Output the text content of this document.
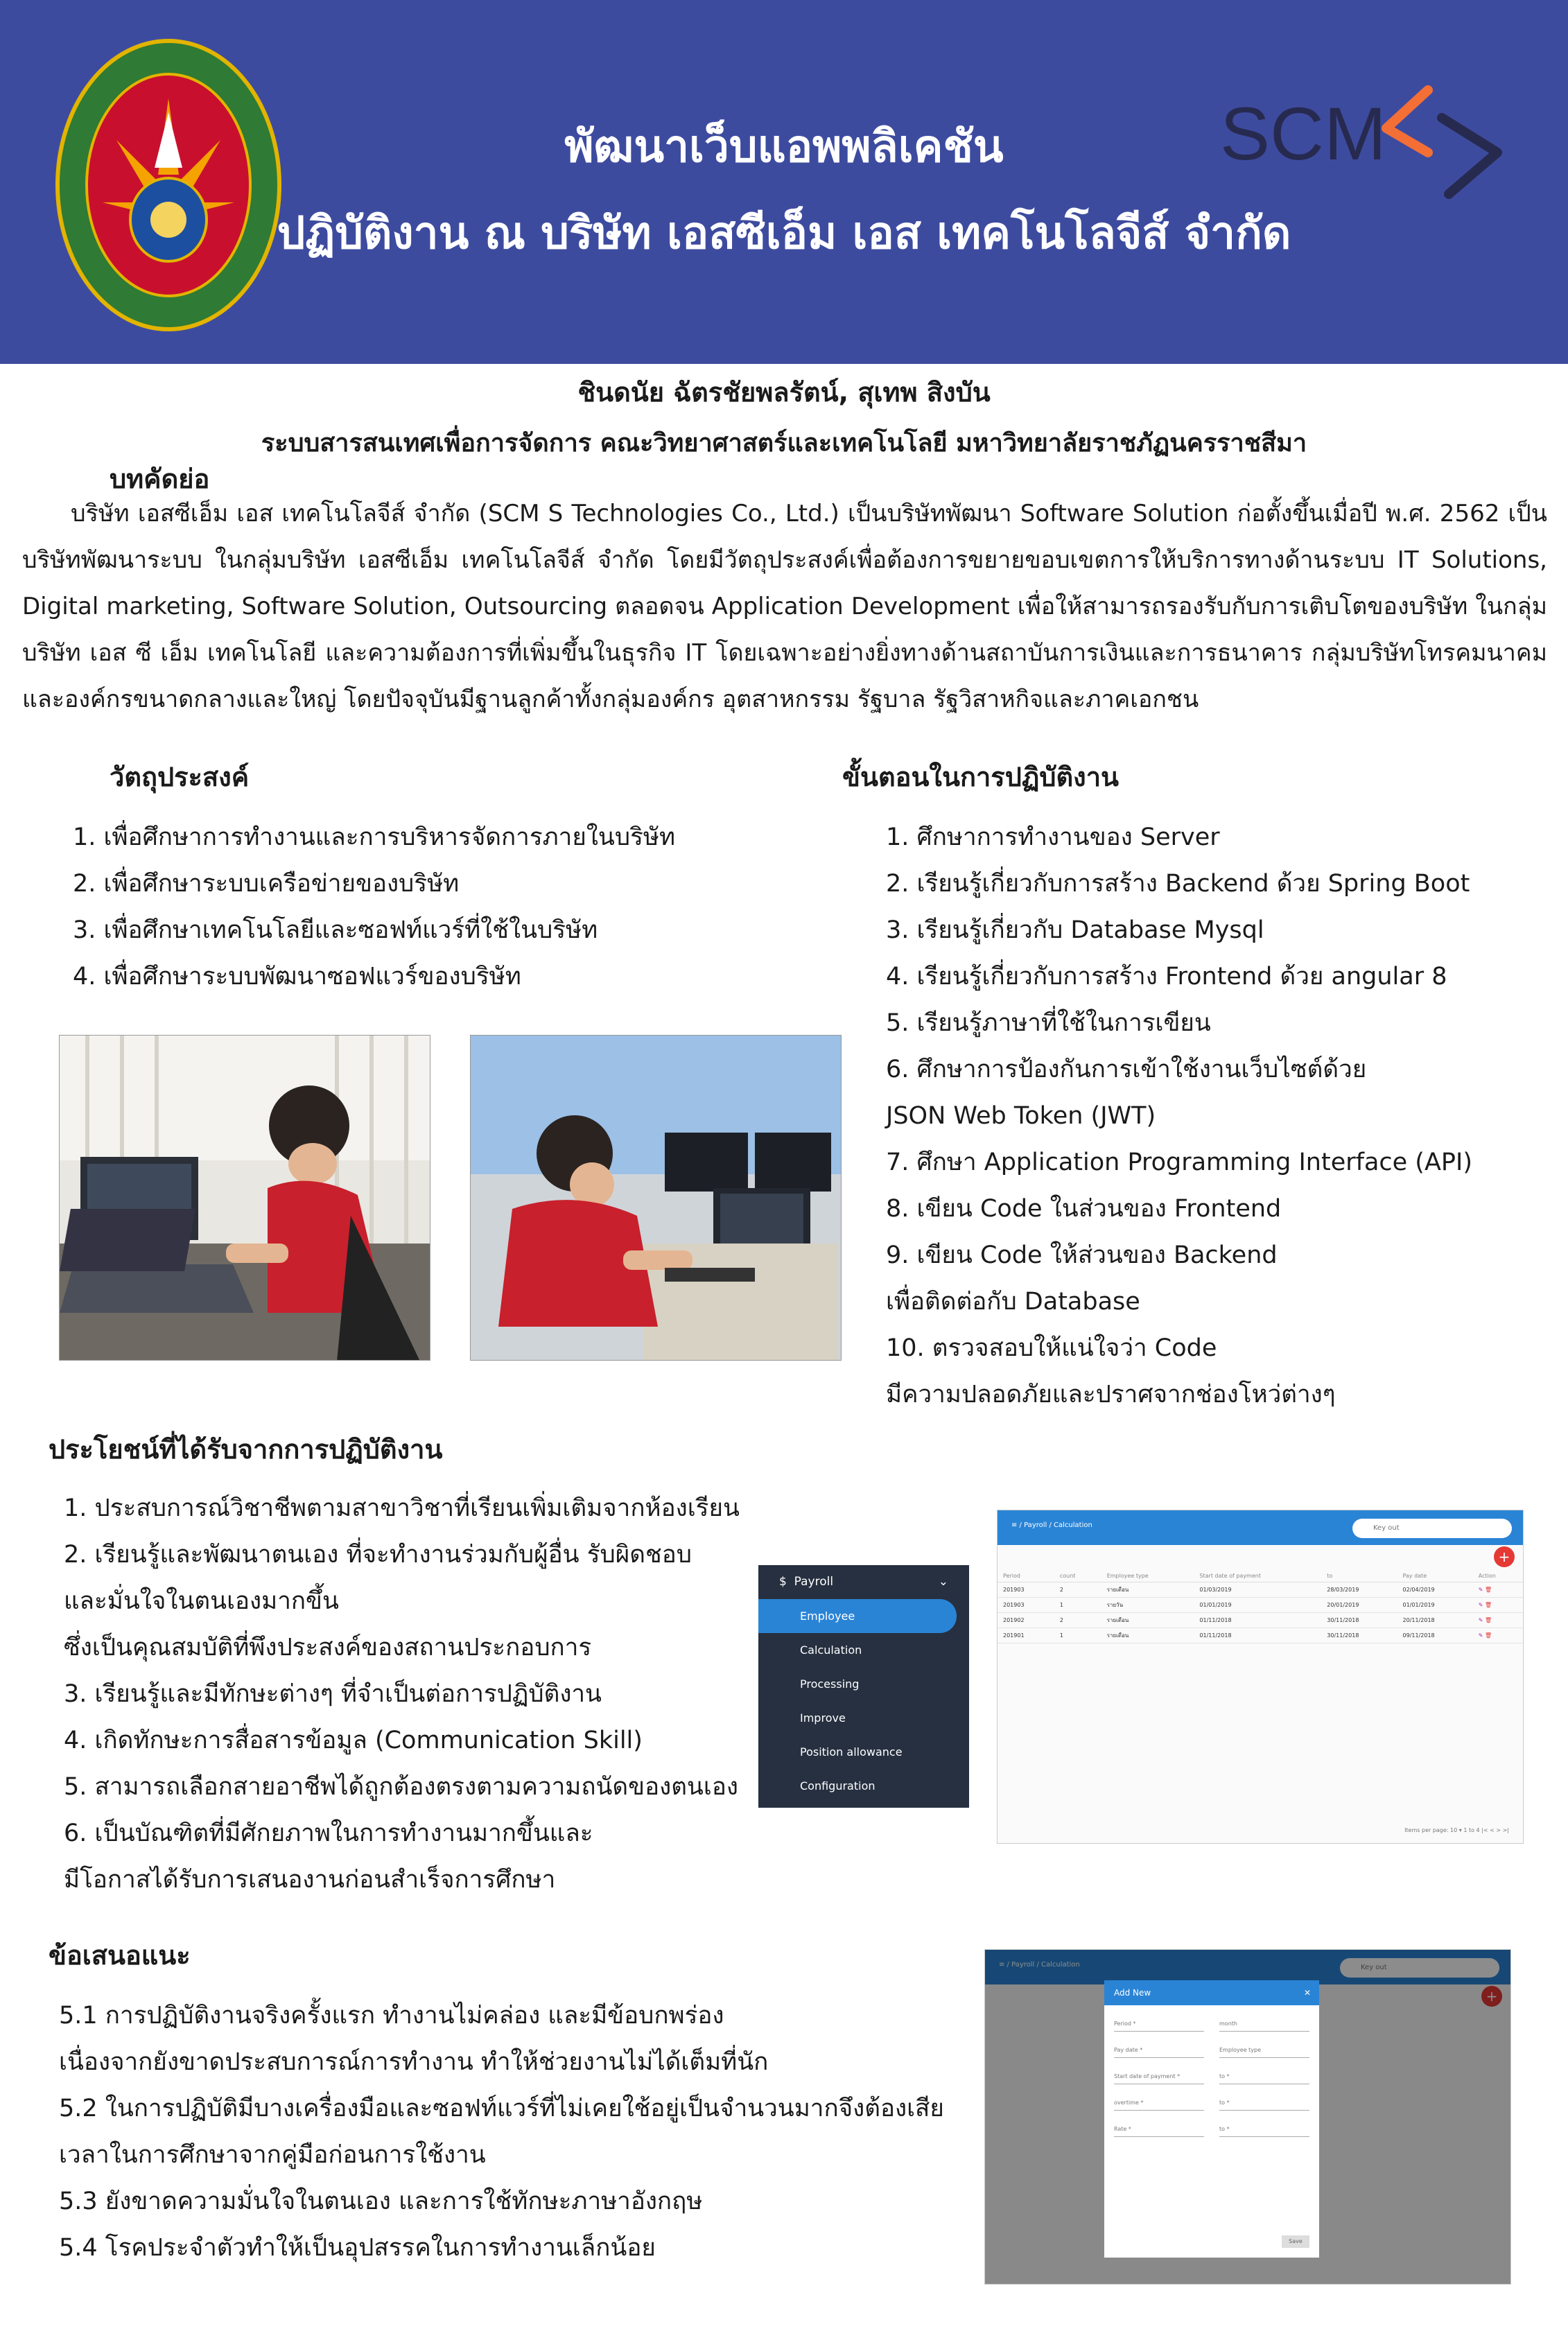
พัฒนาเว็บแอพพลิเคชัน
ปฏิบัติงาน ณ บริษัท เอสซีเอ็ม เอส เทคโนโลจีส์ จำกัด
SCM
ชินดนัย ฉัตรชัยพลรัตน์, สุเทพ สิงบัน
ระบบสารสนเทศเพื่อการจัดการ คณะวิทยาศาสตร์และเทคโนโลยี มหาวิทยาลัยราชภัฏนครราชสีมา
บทคัดย่อ
บริษัท เอสซีเอ็ม เอส เทคโนโลจีส์ จำกัด (SCM S Technologies Co., Ltd.) เป็นบริษัทพัฒนา Software Solution ก่อตั้งขึ้นเมื่อปี พ.ศ. 2562 เป็นบริษัทพัฒนาระบบ ในกลุ่มบริษัท เอสซีเอ็ม เทคโนโลจีส์ จำกัด โดยมีวัตถุประสงค์เพื่อต้องการขยายขอบเขตการให้บริการทางด้านระบบ IT Solutions, Digital marketing, Software Solution, Outsourcing ตลอดจน Application Development เพื่อให้สามารถรองรับกับการเติบโตของบริษัท ในกลุ่มบริษัท เอส ซี เอ็ม เทคโนโลยี และความต้องการที่เพิ่มขึ้นในธุรกิจ IT โดยเฉพาะอย่างยิ่งทางด้านสถาบันการเงินและการธนาคาร กลุ่มบริษัทโทรคมนาคม และองค์กรขนาดกลางและใหญ่ โดยปัจจุบันมีฐานลูกค้าทั้งกลุ่มองค์กร อุตสาหกรรม รัฐบาล รัฐวิสาหกิจและภาคเอกชน
วัตถุประสงค์
1. เพื่อศึกษาการทำงานและการบริหารจัดการภายในบริษัท
2. เพื่อศึกษาระบบเครือข่ายของบริษัท
3. เพื่อศึกษาเทคโนโลยีและซอฟท์แวร์ที่ใช้ในบริษัท
4. เพื่อศึกษาระบบพัฒนาซอฟแวร์ของบริษัท
ขั้นตอนในการปฏิบัติงาน
1. ศึกษาการทำงานของ Server
2. เรียนรู้เกี่ยวกับการสร้าง Backend ด้วย Spring Boot
3. เรียนรู้เกี่ยวกับ Database Mysql
4. เรียนรู้เกี่ยวกับการสร้าง Frontend ด้วย angular 8
5. เรียนรู้ภาษาที่ใช้ในการเขียน
6. ศึกษาการป้องกันการเข้าใช้งานเว็บไซต์ด้วย
JSON Web Token (JWT)
7. ศึกษา Application Programming Interface (API)
8. เขียน Code ในส่วนของ Frontend
9. เขียน Code ให้ส่วนของ Backend
เพื่อติดต่อกับ Database
10. ตรวจสอบให้แน่ใจว่า Code
มีความปลอดภัยและปราศจากช่องโหว่ต่างๆ
ประโยชน์ที่ได้รับจากการปฏิบัติงาน
1. ประสบการณ์วิชาชีพตามสาขาวิชาที่เรียนเพิ่มเติมจากห้องเรียน
2. เรียนรู้และพัฒนาตนเอง ที่จะทำงานร่วมกับผู้อื่น รับผิดชอบ
และมั่นใจในตนเองมากขึ้น
ซึ่งเป็นคุณสมบัติที่พึงประสงค์ของสถานประกอบการ
3. เรียนรู้และมีทักษะต่างๆ ที่จำเป็นต่อการปฏิบัติงาน
4. เกิดทักษะการสื่อสารข้อมูล (Communication Skill)
5. สามารถเลือกสายอาชีพได้ถูกต้องตรงตามความถนัดของตนเอง
6. เป็นบัณฑิตที่มีศักยภาพในการทำงานมากขึ้นและ
มีโอกาสได้รับการเสนองานก่อนสำเร็จการศึกษา
$ Payroll	⌄
Employee
Calculation
Processing
Improve
Position allowance
Configuration
≡ / Payroll / Calculation	Key out
+
Period	count	Employee type	Start date of payment	to	Pay date	Action
201903	2	รายเดือน	01/03/2019	28/03/2019	02/04/2019	✎ 🗑
201903	1	รายวัน	01/01/2019	20/01/2019	01/01/2019	✎ 🗑
201902	2	รายเดือน	01/11/2018	30/11/2018	20/11/2018	✎ 🗑
201901	1	รายเดือน	01/11/2018	30/11/2018	09/11/2018	✎ 🗑
Items per page: 10 ▾ 1 to 4 |< < > >|
ข้อเสนอแนะ
5.1 การปฏิบัติงานจริงครั้งแรก ทำงานไม่คล่อง และมีข้อบกพร่อง
เนื่องจากยังขาดประสบการณ์การทำงาน ทำให้ช่วยงานไม่ได้เต็มที่นัก
5.2 ในการปฏิบัติมีบางเครื่องมือและซอฟท์แวร์ที่ไม่เคยใช้อยู่เป็นจำนวนมากจึงต้องเสีย
เวลาในการศึกษาจากคู่มือก่อนการใช้งาน
5.3 ยังขาดความมั่นใจในตนเอง และการใช้ทักษะภาษาอังกฤษ
5.4 โรคประจำตัวทำให้เป็นอุปสรรคในการทำงานเล็กน้อย
≡ / Payroll / Calculation	Key out
+
Add New	✕
Period *	month
Pay date *	Employee type
Start date of payment *	to *
overtime *	to *
Rate *	to *
Save
